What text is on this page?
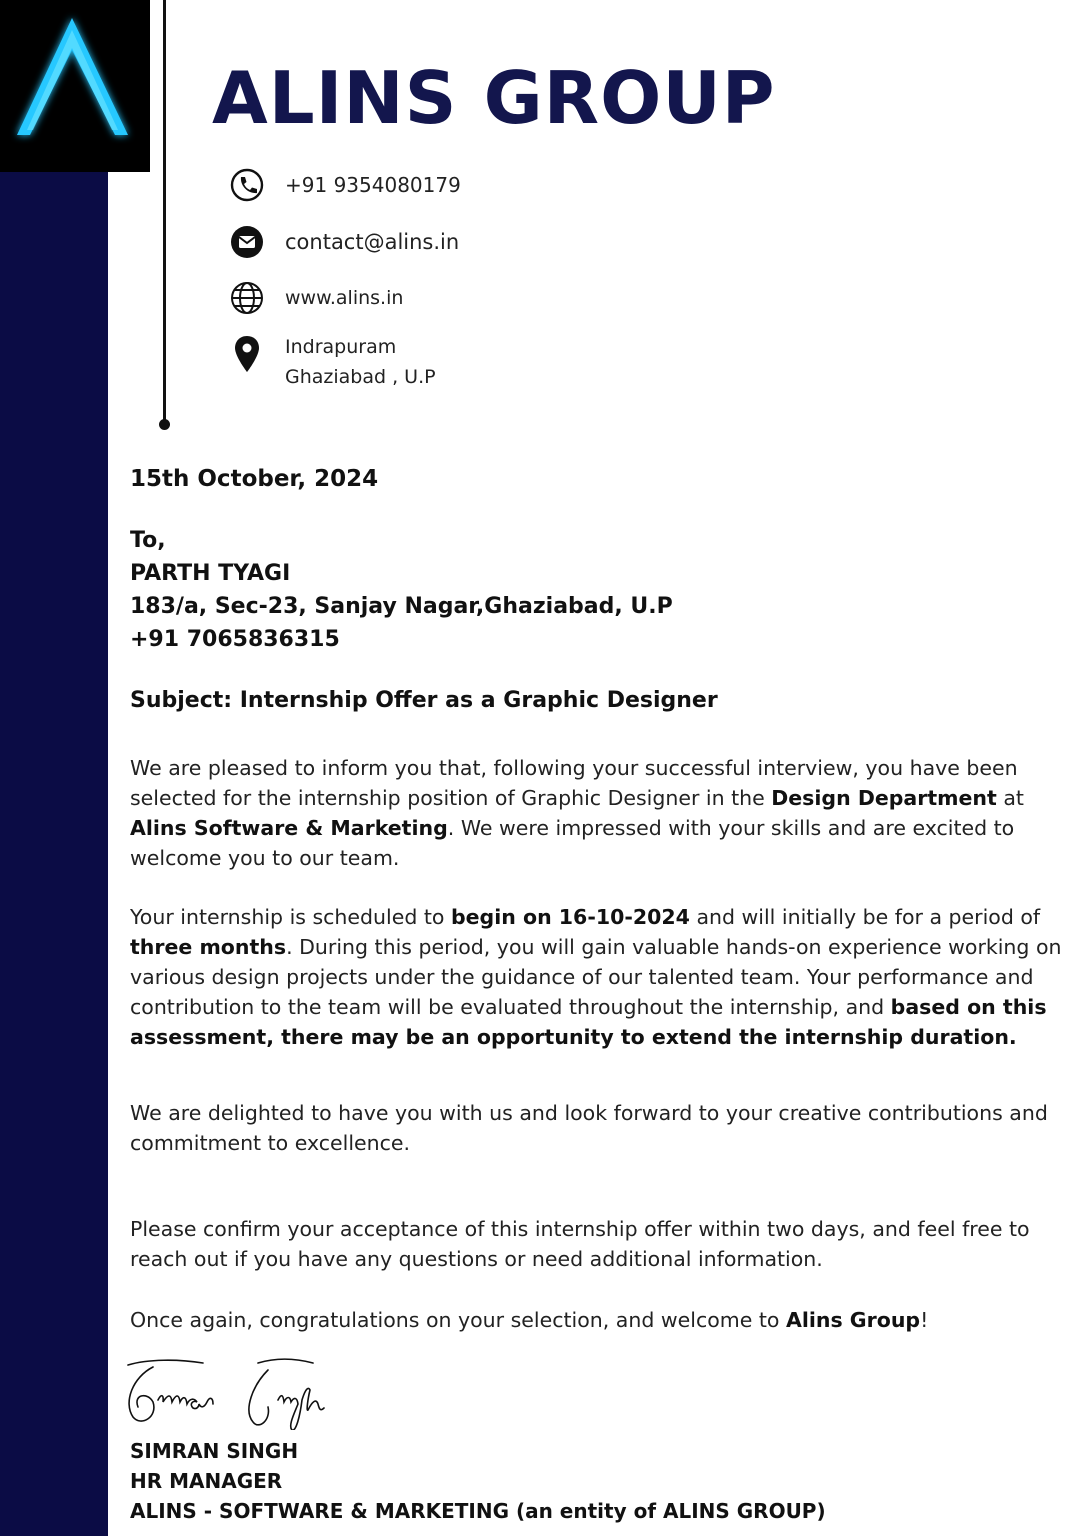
ALINS GROUP
+91 9354080179
contact@alins.in
www.alins.in
Indrapuram
Ghaziabad , U.P
15th October, 2024
To,
PARTH TYAGI
183/a, Sec-23, Sanjay Nagar,Ghaziabad, U.P
+91 7065836315
Subject: Internship Offer as a Graphic Designer
We are pleased to inform you that, following your successful interview, you have been selected for the internship position of Graphic Designer in the Design Department at Alins Software & Marketing. We were impressed with your skills and are excited to welcome you to our team.
Your internship is scheduled to begin on 16-10-2024 and will initially be for a period of three months. During this period, you will gain valuable hands-on experience working on various design projects under the guidance of our talented team. Your performance and contribution to the team will be evaluated throughout the internship, and based on this assessment, there may be an opportunity to extend the internship duration.
We are delighted to have you with us and look forward to your creative contributions and commitment to excellence.
Please confirm your acceptance of this internship offer within two days, and feel free to reach out if you have any questions or need additional information.
Once again, congratulations on your selection, and welcome to Alins Group!
SIMRAN SINGH
HR MANAGER
ALINS - SOFTWARE & MARKETING (an entity of ALINS GROUP)
